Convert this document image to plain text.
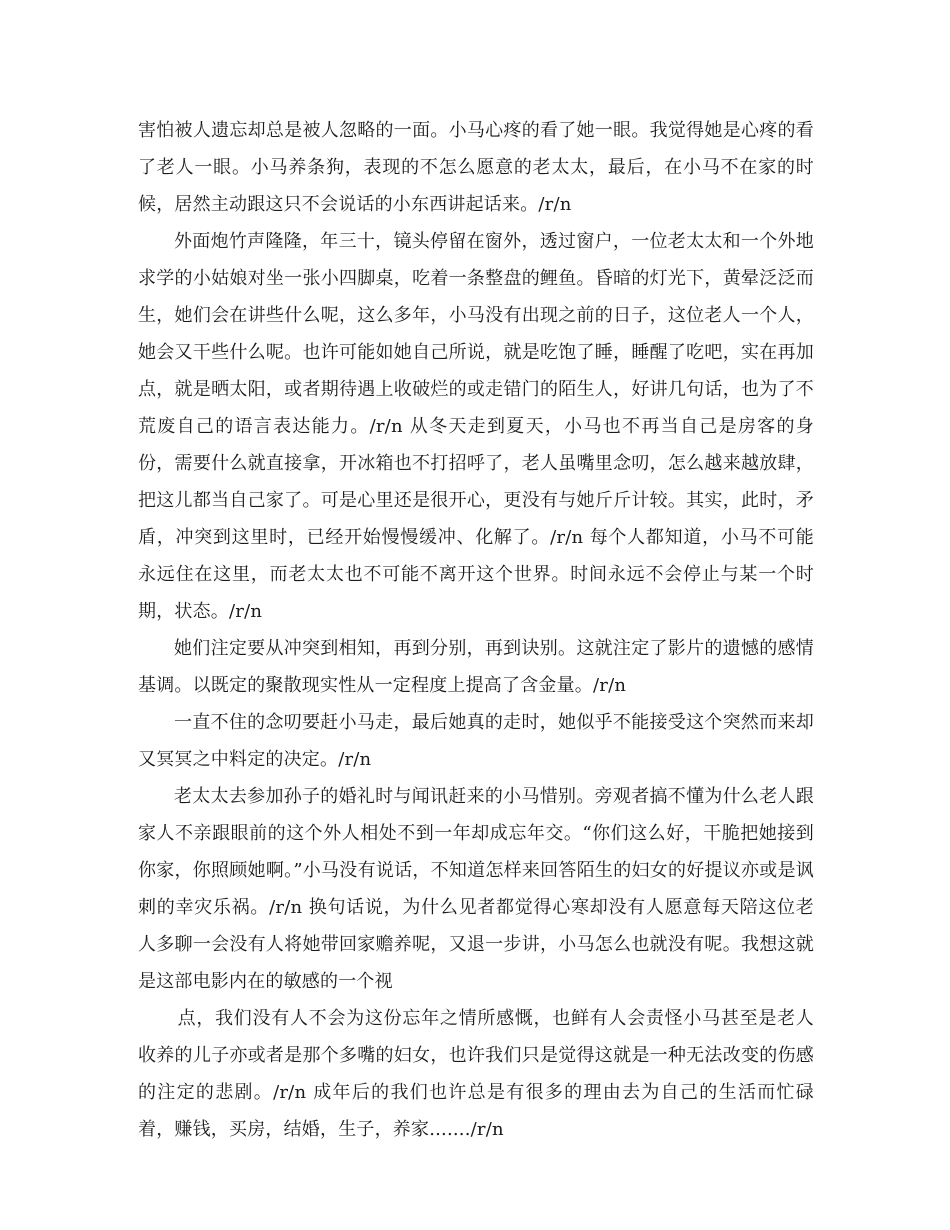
害怕被人遗忘却总是被人忽略的一面。小马心疼的看了她一眼。我觉得她是心疼的看了老人一眼。小马养条狗，表现的不怎么愿意的老太太，最后，在小马不在家的时候，居然主动跟这只不会说话的小东西讲起话来。/r/n

外面炮竹声隆隆，年三十，镜头停留在窗外，透过窗户，一位老太太和一个外地求学的小姑娘对坐一张小四脚桌，吃着一条整盘的鲤鱼。昏暗的灯光下，黄晕泛泛而生，她们会在讲些什么呢，这么多年，小马没有出现之前的日子，这位老人一个人，她会又干些什么呢。也许可能如她自己所说，就是吃饱了睡，睡醒了吃吧，实在再加点，就是晒太阳，或者期待遇上收破烂的或走错门的陌生人，好讲几句话，也为了不荒废自己的语言表达能力。/r/n 从冬天走到夏天，小马也不再当自己是房客的身份，需要什么就直接拿，开冰箱也不打招呼了，老人虽嘴里念叨，怎么越来越放肆，把这儿都当自己家了。可是心里还是很开心，更没有与她斤斤计较。其实，此时，矛盾，冲突到这里时，已经开始慢慢缓冲、化解了。/r/n 每个人都知道，小马不可能永远住在这里，而老太太也不可能不离开这个世界。时间永远不会停止与某一个时期，状态。/r/n

她们注定要从冲突到相知，再到分别，再到诀别。这就注定了影片的遗憾的感情基调。以既定的聚散现实性从一定程度上提高了含金量。/r/n

一直不住的念叨要赶小马走，最后她真的走时，她似乎不能接受这个突然而来却又冥冥之中料定的决定。/r/n

老太太去参加孙子的婚礼时与闻讯赶来的小马惜别。旁观者搞不懂为什么老人跟家人不亲跟眼前的这个外人相处不到一年却成忘年交。“你们这么好，干脆把她接到你家，你照顾她啊。”小马没有说话，不知道怎样来回答陌生的妇女的好提议亦或是讽刺的幸灾乐祸。/r/n 换句话说，为什么见者都觉得心寒却没有人愿意每天陪这位老人多聊一会没有人将她带回家赡养呢，又退一步讲，小马怎么也就没有呢。我想这就是这部电影内在的敏感的一个视

点，我们没有人不会为这份忘年之情所感慨，也鲜有人会责怪小马甚至是老人收养的儿子亦或者是那个多嘴的妇女，也许我们只是觉得这就是一种无法改变的伤感的注定的悲剧。/r/n 成年后的我们也许总是有很多的理由去为自己的生活而忙碌着，赚钱，买房，结婚，生子，养家......./r/n
